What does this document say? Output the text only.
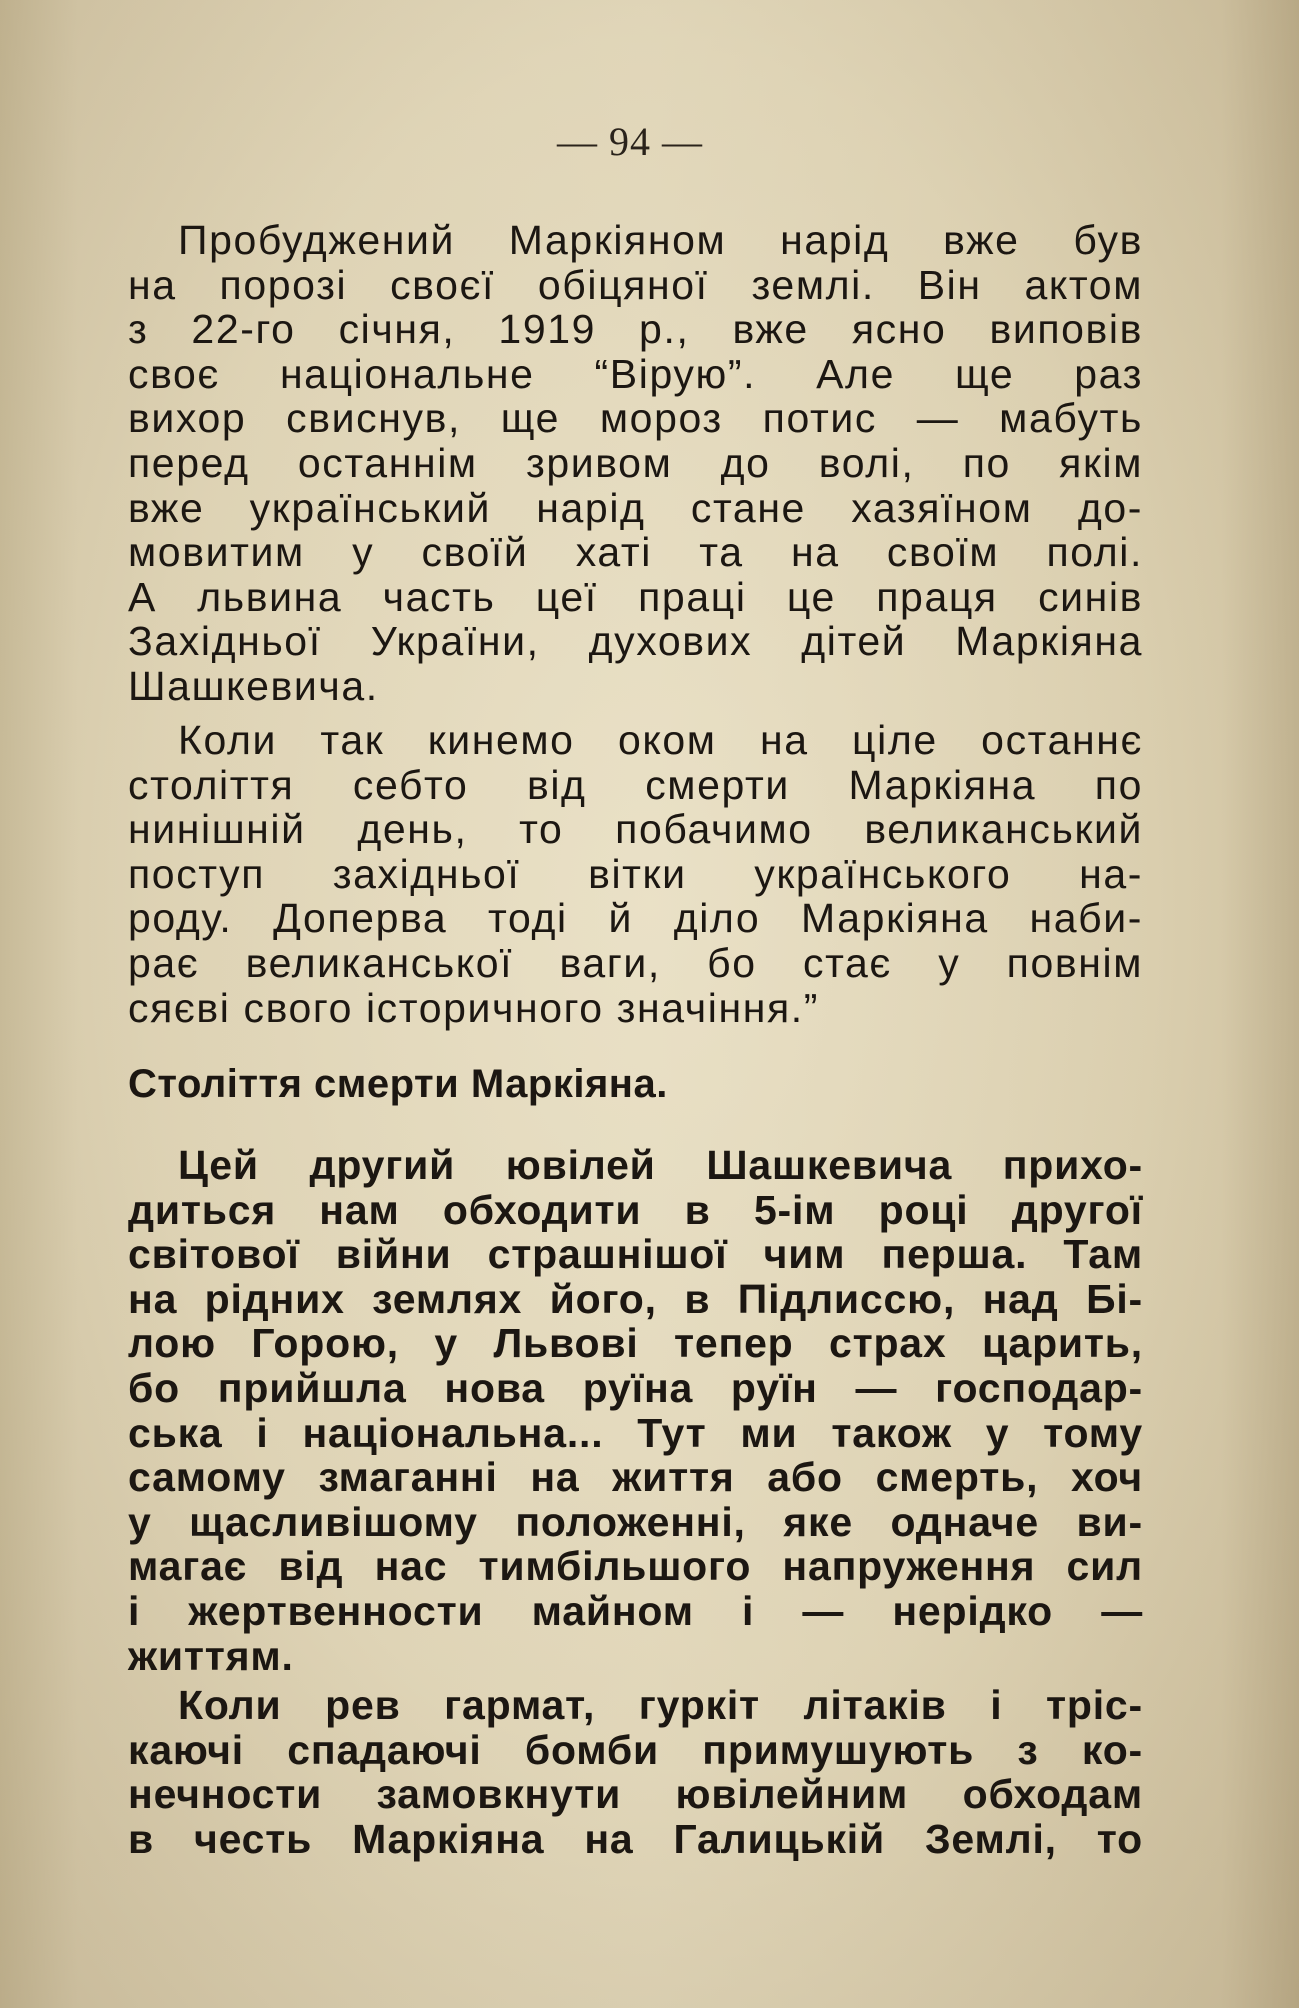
— 94 —
Пробуджений Маркіяном нарід вже був
на порозі своєї обіцяної землі. Він актом
з 22-го січня, 1919 р., вже ясно виповів
своє національне “Вірую”. Але ще раз
вихор свиснув, ще мороз потис — мабуть
перед останнім зривом до волі, по якім
вже український нарід стане хазяїном до-
мовитим у своїй хаті та на своїм полі.
А львина часть цеї праці це праця синів
Західньої України, духових дітей Маркіяна
Шашкевича.
Коли так кинемо оком на ціле останнє
століття себто від смерти Маркіяна по
нинішній день, то побачимо великанський
поступ західньої вітки українського на-
роду. Доперва тоді й діло Маркіяна наби-
рає великанської ваги, бо стає у повнім
сяєві свого історичного значіння.”
Століття смерти Маркіяна.
Цей другий ювілей Шашкевича прихо-
диться нам обходити в 5-ім році другої
світової війни страшнішої чим перша. Там
на рідних землях його, в Підлиссю, над Бі-
лою Горою, у Львові тепер страх царить,
бо прийшла нова руїна руїн — господар-
ська і національна... Тут ми також у тому
самому змаганні на життя або смерть, хоч
у щасливішому положенні, яке одначе ви-
магає від нас тимбільшого напруження сил
і жертвенности майном і — нерідко —
життям.
Коли рев гармат, гуркіт літаків і тріс-
каючі спадаючі бомби примушують з ко-
нечности замовкнути ювілейним обходам
в честь Маркіяна на Галицькій Землі, то
